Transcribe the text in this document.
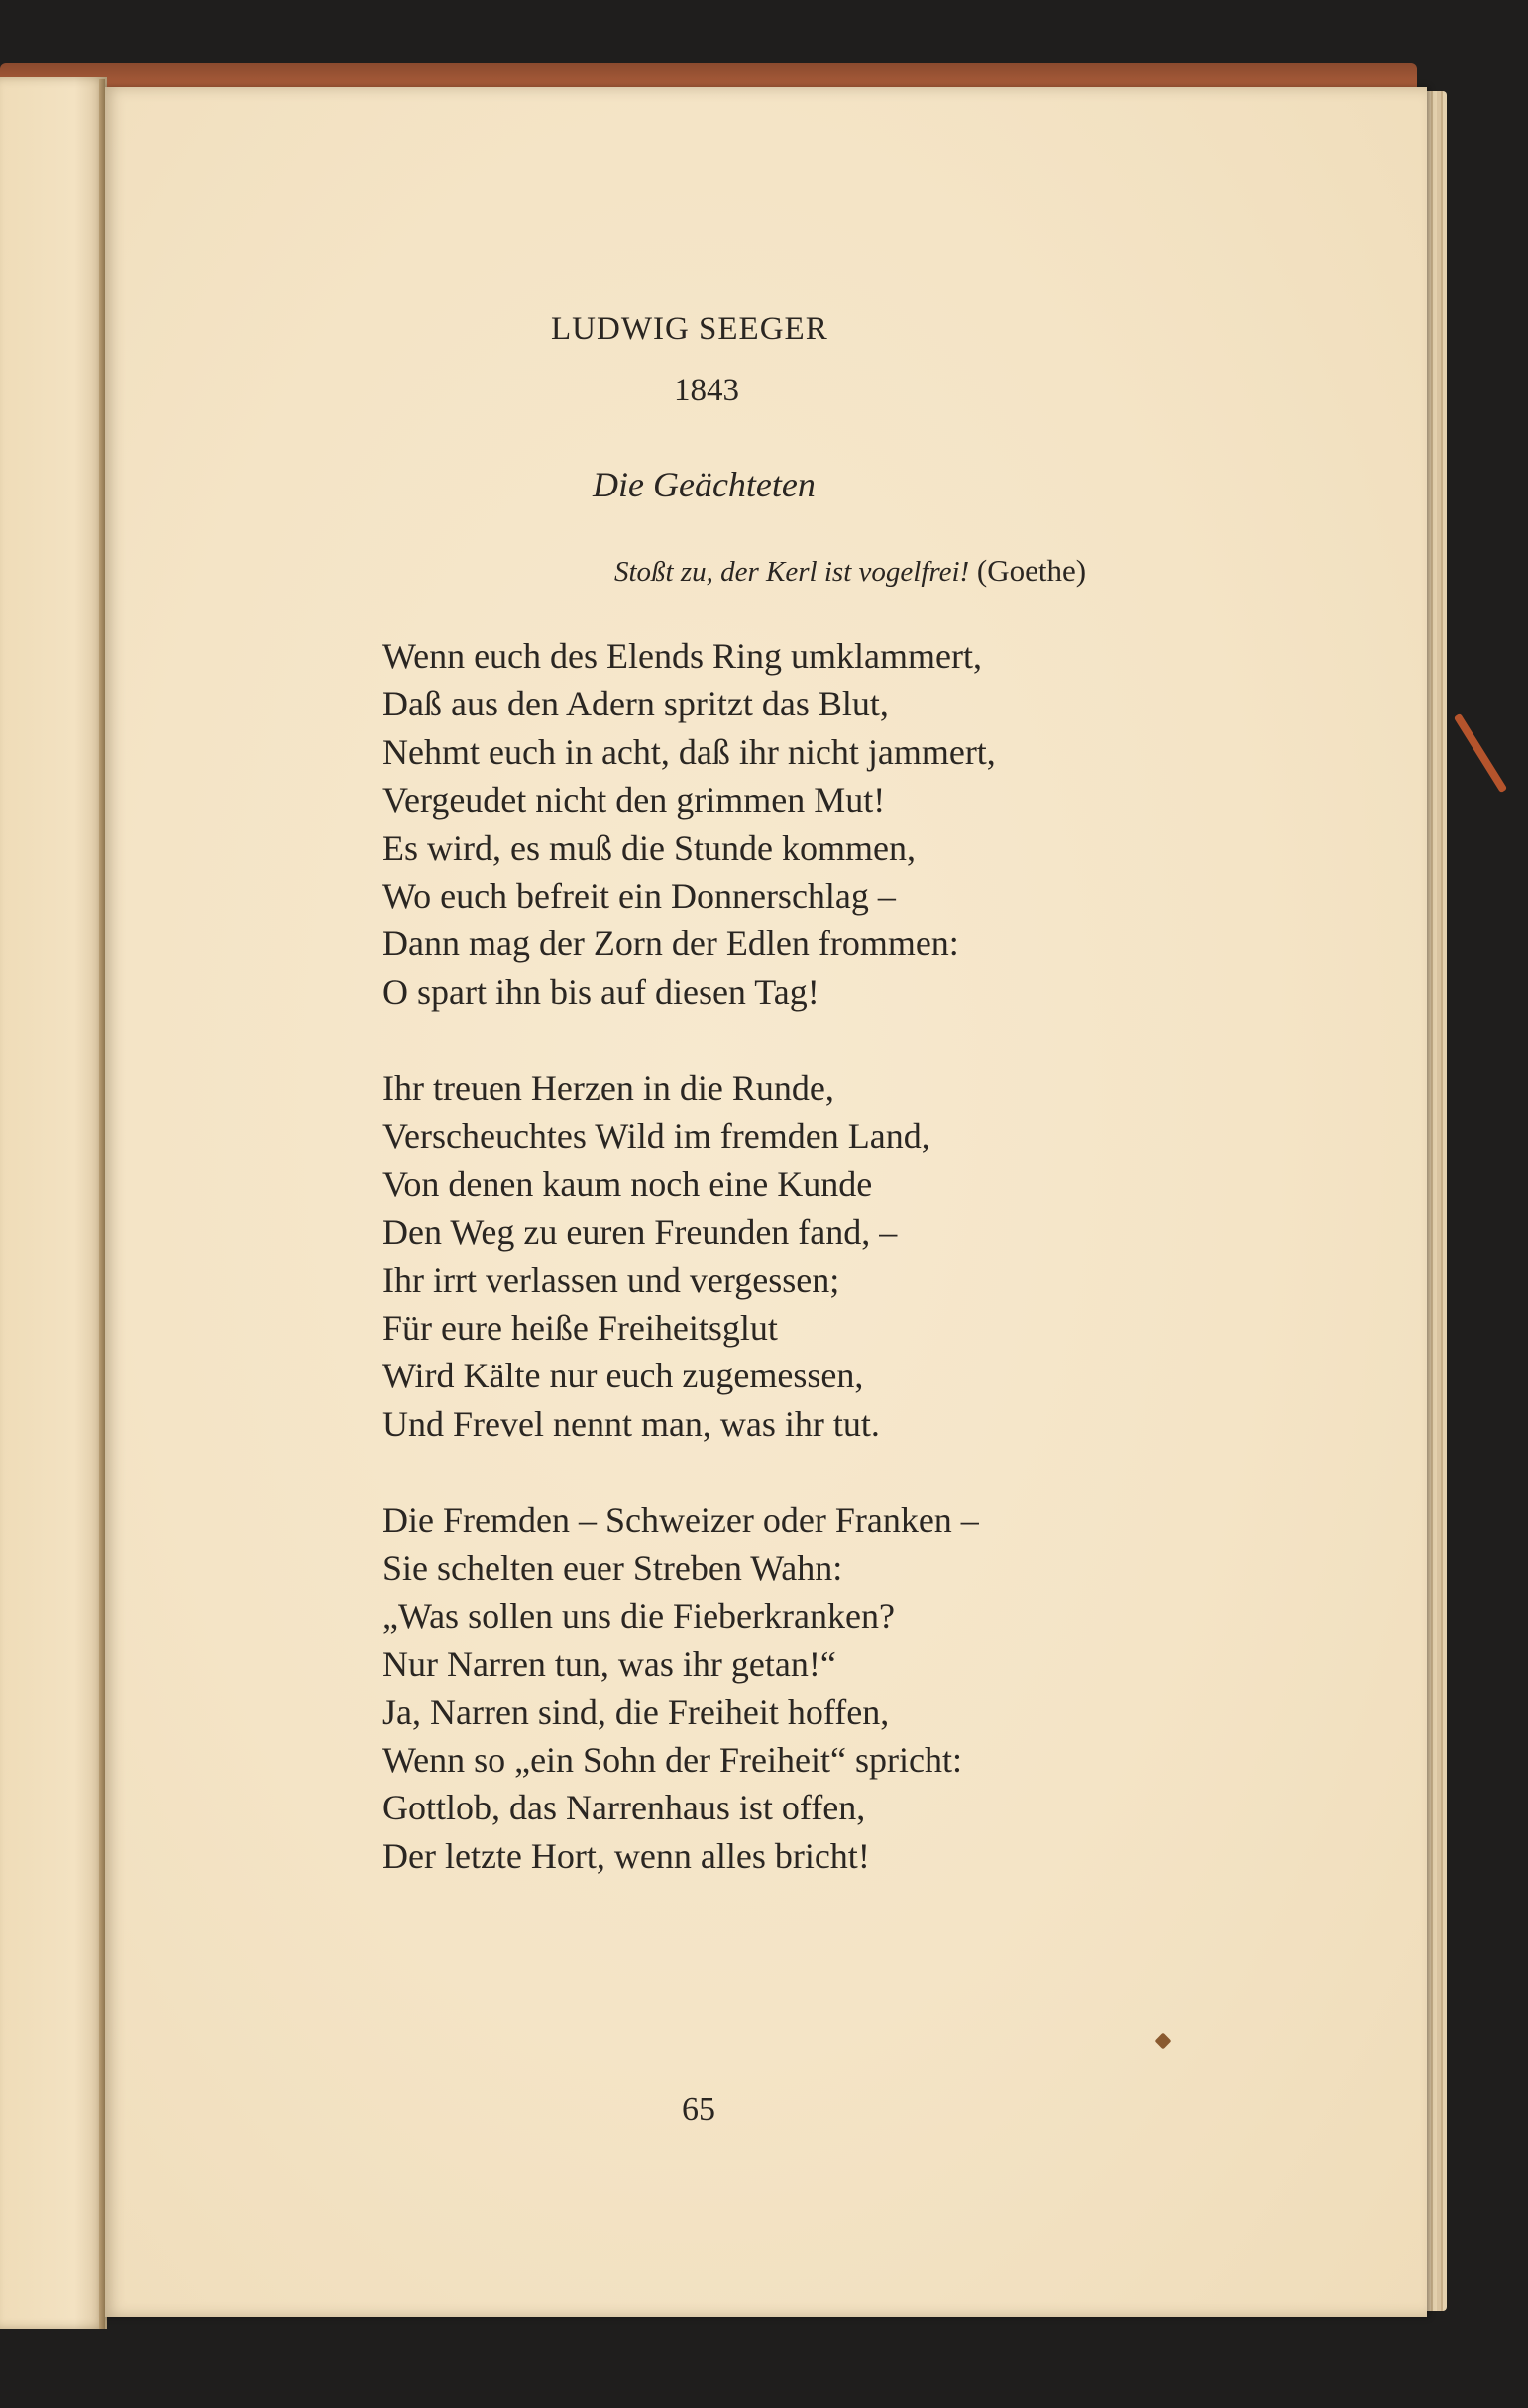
LUDWIG SEEGER
1843
Die Geächteten
Stoßt zu, der Kerl ist vogelfrei! (Goethe)
Wenn euch des Elends Ring umklammert,
Daß aus den Adern spritzt das Blut,
Nehmt euch in acht, daß ihr nicht jammert,
Vergeudet nicht den grimmen Mut!
Es wird, es muß die Stunde kommen,
Wo euch befreit ein Donnerschlag –
Dann mag der Zorn der Edlen frommen:
O spart ihn bis auf diesen Tag!
Ihr treuen Herzen in die Runde,
Verscheuchtes Wild im fremden Land,
Von denen kaum noch eine Kunde
Den Weg zu euren Freunden fand, –
Ihr irrt verlassen und vergessen;
Für eure heiße Freiheitsglut
Wird Kälte nur euch zugemessen,
Und Frevel nennt man, was ihr tut.
Die Fremden – Schweizer oder Franken –
Sie schelten euer Streben Wahn:
„Was sollen uns die Fieberkranken?
Nur Narren tun, was ihr getan!“
Ja, Narren sind, die Freiheit hoffen,
Wenn so „ein Sohn der Freiheit“ spricht:
Gottlob, das Narrenhaus ist offen,
Der letzte Hort, wenn alles bricht!
65
